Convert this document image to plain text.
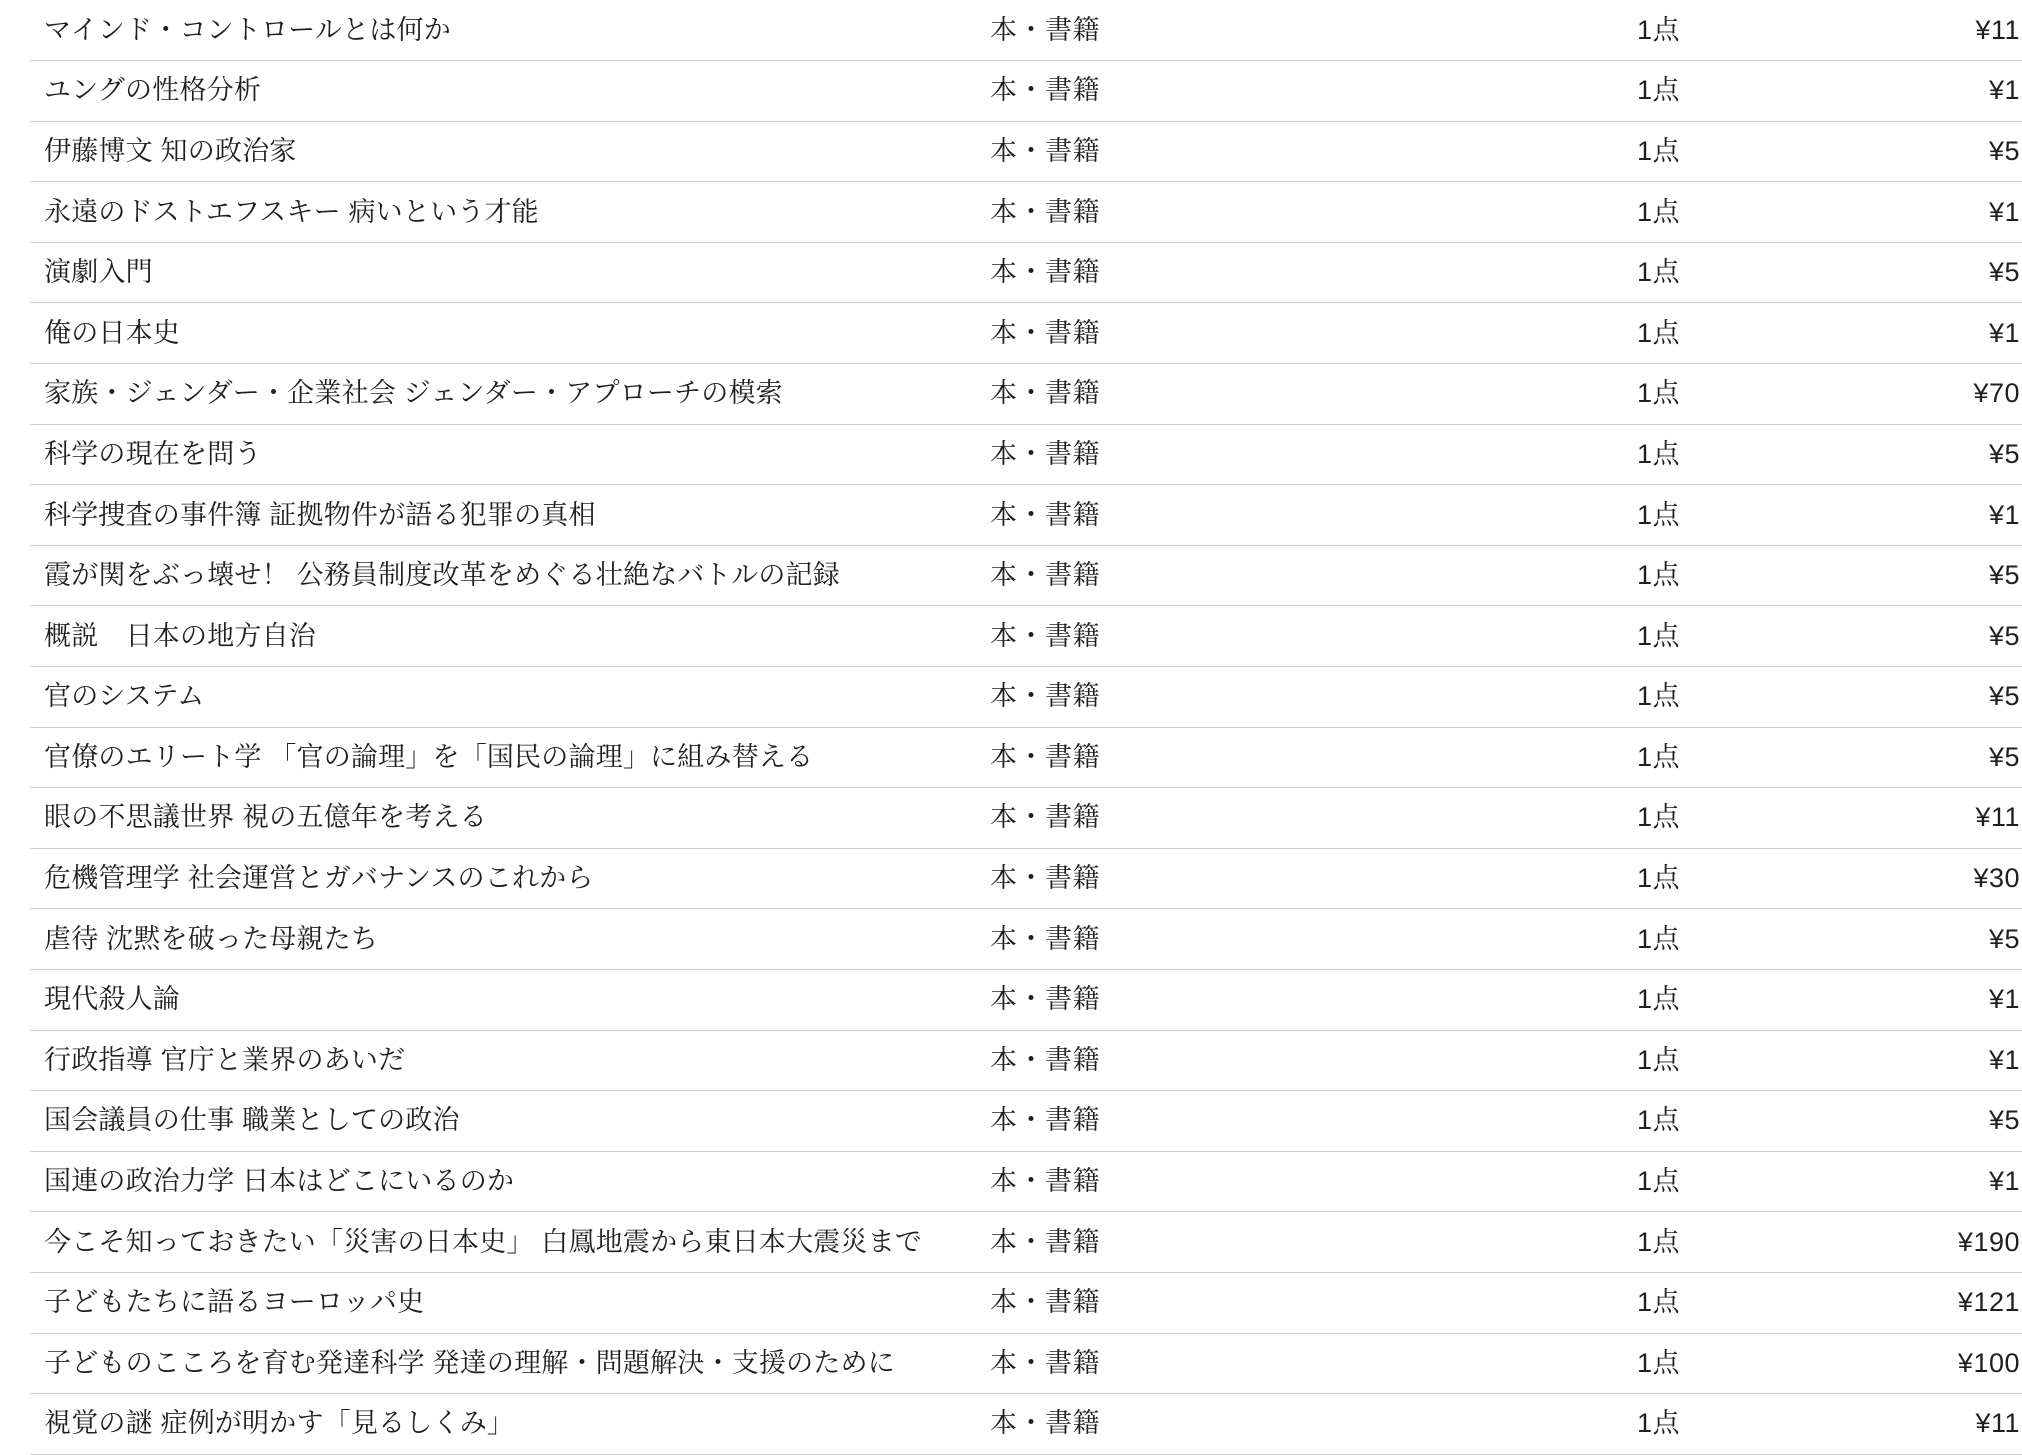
マインド・コントロールとは何か	本・書籍	1点	¥11
ユングの性格分析	本・書籍	1点	¥1
伊藤博文 知の政治家	本・書籍	1点	¥5
永遠のドストエフスキー 病いという才能	本・書籍	1点	¥1
演劇入門	本・書籍	1点	¥5
俺の日本史	本・書籍	1点	¥1
家族・ジェンダー・企業社会 ジェンダー・アプローチの模索	本・書籍	1点	¥70
科学の現在を問う	本・書籍	1点	¥5
科学捜査の事件簿 証拠物件が語る犯罪の真相	本・書籍	1点	¥1
霞が関をぶっ壊せ！ 公務員制度改革をめぐる壮絶なバトルの記録	本・書籍	1点	¥5
概説　日本の地方自治	本・書籍	1点	¥5
官のシステム	本・書籍	1点	¥5
官僚のエリート学 「官の論理」を「国民の論理」に組み替える	本・書籍	1点	¥5
眼の不思議世界 視の五億年を考える	本・書籍	1点	¥11
危機管理学 社会運営とガバナンスのこれから	本・書籍	1点	¥30
虐待 沈黙を破った母親たち	本・書籍	1点	¥5
現代殺人論	本・書籍	1点	¥1
行政指導 官庁と業界のあいだ	本・書籍	1点	¥1
国会議員の仕事 職業としての政治	本・書籍	1点	¥5
国連の政治力学 日本はどこにいるのか	本・書籍	1点	¥1
今こそ知っておきたい「災害の日本史」 白鳳地震から東日本大震災まで	本・書籍	1点	¥190
子どもたちに語るヨーロッパ史	本・書籍	1点	¥121
子どものこころを育む発達科学 発達の理解・問題解決・支援のために	本・書籍	1点	¥100
視覚の謎 症例が明かす「見るしくみ」	本・書籍	1点	¥11
